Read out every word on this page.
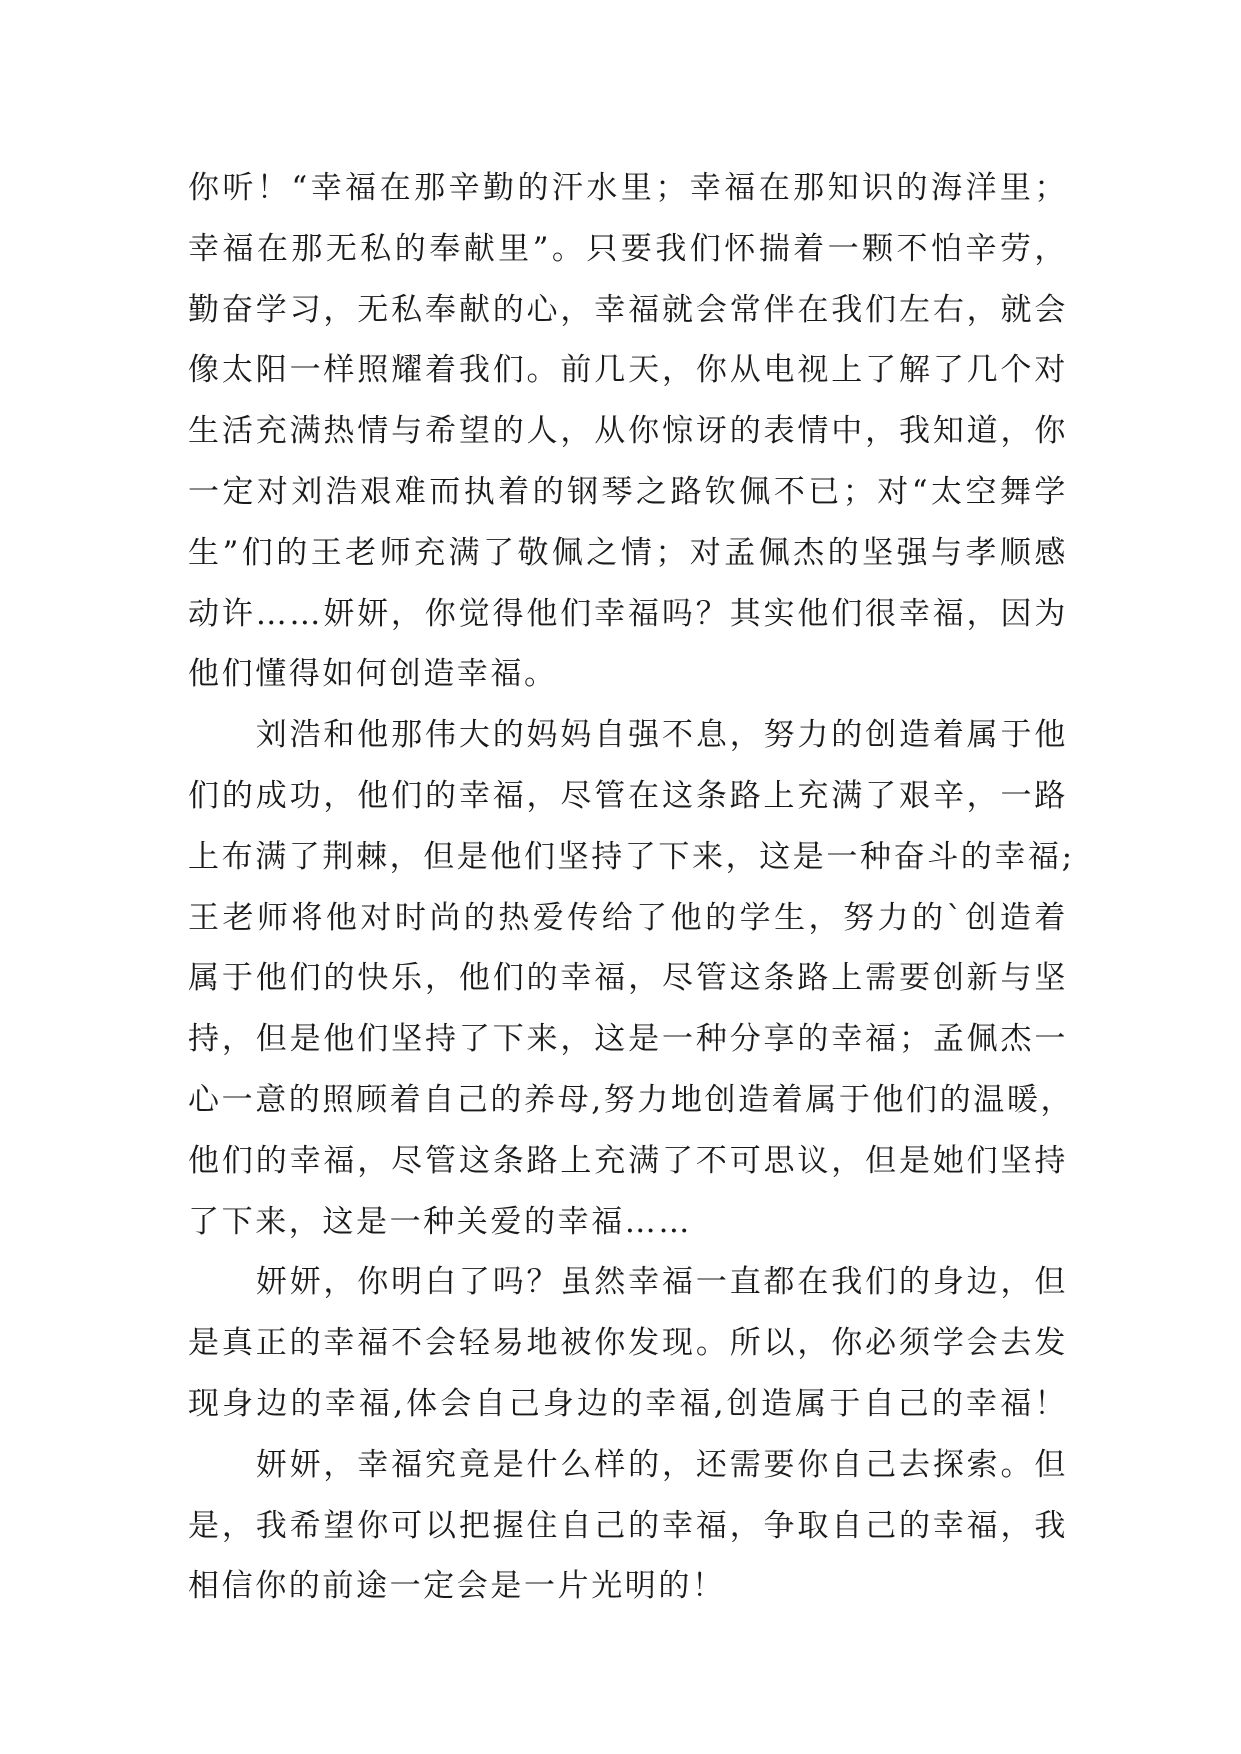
你听！“幸福在那辛勤的汗水里；幸福在那知识的海洋里；
幸福在那无私的奉献里”。只要我们怀揣着一颗不怕辛劳，
勤奋学习，无私奉献的心，幸福就会常伴在我们左右，就会
像太阳一样照耀着我们。前几天，你从电视上了解了几个对
生活充满热情与希望的人，从你惊讶的表情中，我知道，你
一定对刘浩艰难而执着的钢琴之路钦佩不已；对“太空舞学
生”们的王老师充满了敬佩之情；对孟佩杰的坚强与孝顺感
动许……妍妍，你觉得他们幸福吗？其实他们很幸福，因为
他们懂得如何创造幸福。
　　刘浩和他那伟大的妈妈自强不息，努力的创造着属于他
们的成功，他们的幸福，尽管在这条路上充满了艰辛，一路
上布满了荆棘，但是他们坚持了下来，这是一种奋斗的幸福;
王老师将他对时尚的热爱传给了他的学生，努力的`创造着
属于他们的快乐，他们的幸福，尽管这条路上需要创新与坚
持，但是他们坚持了下来，这是一种分享的幸福；孟佩杰一
心一意的照顾着自己的养母,努力地创造着属于他们的温暖，
他们的幸福，尽管这条路上充满了不可思议，但是她们坚持
了下来，这是一种关爱的幸福……
　　妍妍，你明白了吗？虽然幸福一直都在我们的身边，但
是真正的幸福不会轻易地被你发现。所以，你必须学会去发
现身边的幸福,体会自己身边的幸福,创造属于自己的幸福！
　　妍妍，幸福究竟是什么样的，还需要你自己去探索。但
是，我希望你可以把握住自己的幸福，争取自己的幸福，我
相信你的前途一定会是一片光明的！
